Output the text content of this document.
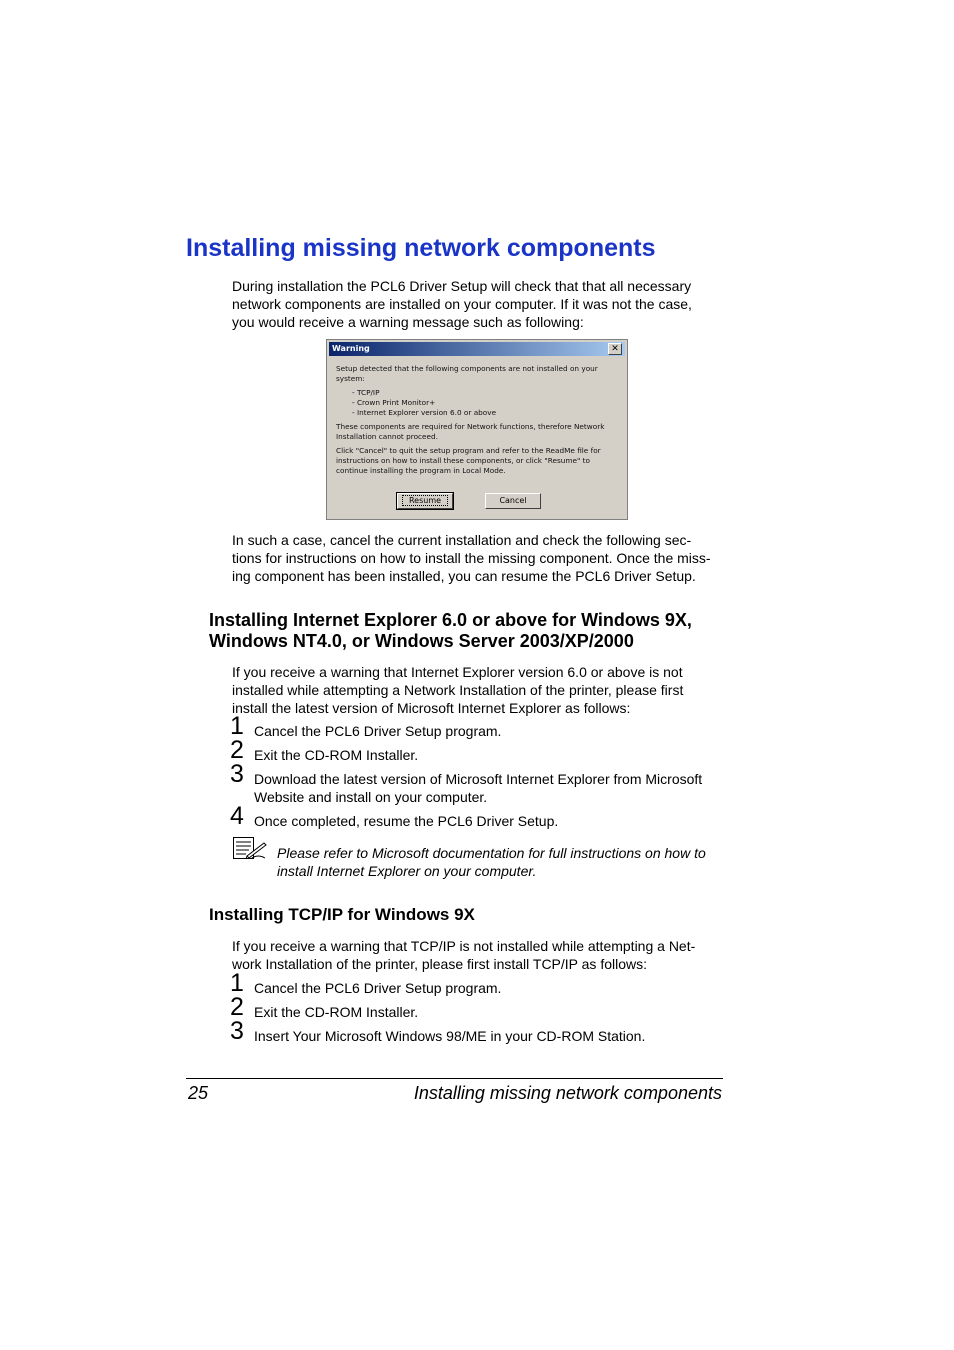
Installing missing network components
During installation the PCL6 Driver Setup will check that that all necessary
network components are installed on your computer. If it was not the case,
you would receive a warning message such as following:
Warning	✕
Setup detected that the following components are not installed on your
system:
- TCP/IP
- Crown Print Monitor+
- Internet Explorer version 6.0 or above
These components are required for Network functions, therefore Network
Installation cannot proceed.
Click "Cancel" to quit the setup program and refer to the ReadMe file for
instructions on how to install these components, or click "Resume" to
continue installing the program in Local Mode.
Resume	Cancel
In such a case, cancel the current installation and check the following sec-
tions for instructions on how to install the missing component. Once the miss-
ing component has been installed, you can resume the PCL6 Driver Setup.
Installing Internet Explorer 6.0 or above for Windows 9X,
Windows NT4.0, or Windows Server 2003/XP/2000
If you receive a warning that Internet Explorer version 6.0 or above is not
installed while attempting a Network Installation of the printer, please first
install the latest version of Microsoft Internet Explorer as follows:
1 Cancel the PCL6 Driver Setup program.
2 Exit the CD-ROM Installer.
3 Download the latest version of Microsoft Internet Explorer from Microsoft
Website and install on your computer.
4 Once completed, resume the PCL6 Driver Setup.
Please refer to Microsoft documentation for full instructions on how to
install Internet Explorer on your computer.
Installing TCP/IP for Windows 9X
If you receive a warning that TCP/IP is not installed while attempting a Net-
work Installation of the printer, please first install TCP/IP as follows:
1 Cancel the PCL6 Driver Setup program.
2 Exit the CD-ROM Installer.
3 Insert Your Microsoft Windows 98/ME in your CD-ROM Station.
25	Installing missing network components
